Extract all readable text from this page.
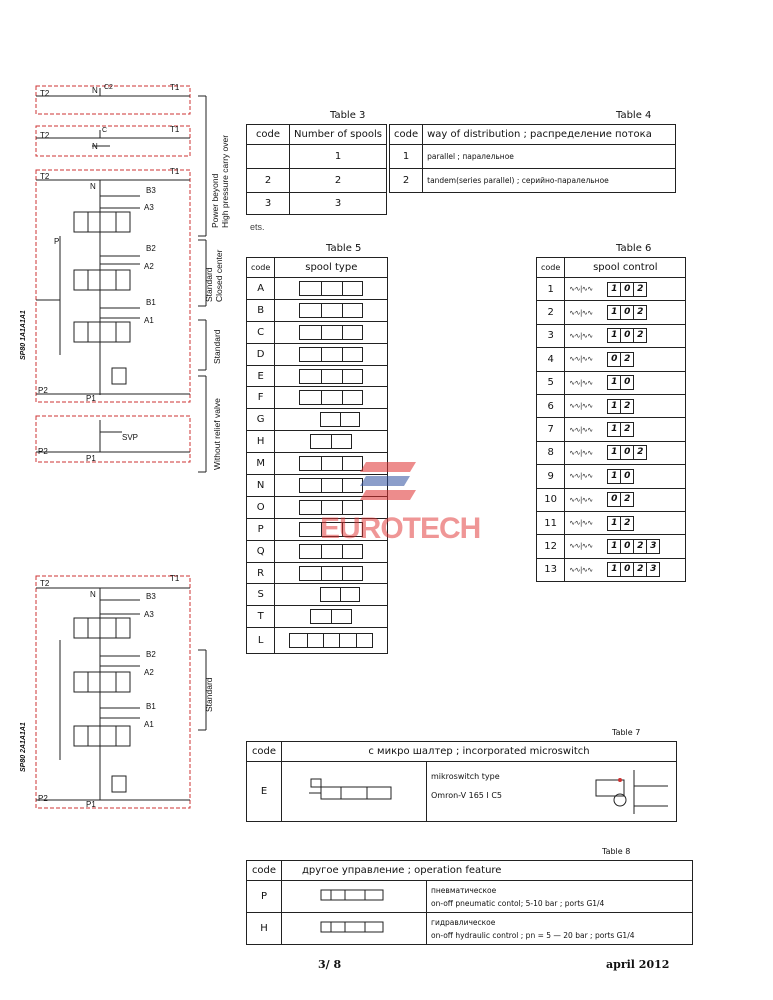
T2
T1
N C2
T2
T1
C
N
T2
T1
N	B3
A3
P
B2
A2
B1
A1
P2
P1
SVP
P2
P1
T2
T1
N	B3
A3
B2
A2
B1
A1
P2
P1
Power beyond High pressure carry over
Standard Closed center
Standard
Without relief valve
Standard
SP80 1A1A1A1
SP80 2A1A1A1
Table 3
code	Number of spools
	1
2	2
3	3
ets.
Table 4
code	way of distribution ; распределение потока
1	parallel ; паралельное
2	tandem(series parallel) ; серийно-паралельное
Table 5
code	spool type
A	

B	

C	

D	

E	

F	

G	

H	

M	

N	

O	

P	

Q	

R	

S	

T	

L	
Table 6
code	spool control
1	∿∿|∿∿ 1 0 2
2	∿∿|∿∿ 1 0 2
3	∿∿|∿∿ 1 0 2
4	∿∿|∿∿ 0 2
5	∿∿|∿∿ 1 0
6	∿∿|∿∿ 1 2
7	∿∿|∿∿ 1 2
8	∿∿|∿∿ 1 0 2
9	∿∿|∿∿ 1 0
10	∿∿|∿∿ 0 2
11	∿∿|∿∿ 1 2
12	∿∿|∿∿ 1 0 2 3
13	∿∿|∿∿ 1 0 2 3
EUROTECH
Table 7
code	с микро шалтер ; incorporated microswitch	
E		mikroswitch type
Omron-V 165 I C5
Table 8
code	другое управление ; operation feature	
P		пневматическое
on-off pneumatic contol; 5-10 bar ; ports G1/4

H		гидравлическое
on-off hydraulic control ; pn = 5 — 20 bar ; ports G1/4
3/ 8	april 2012
